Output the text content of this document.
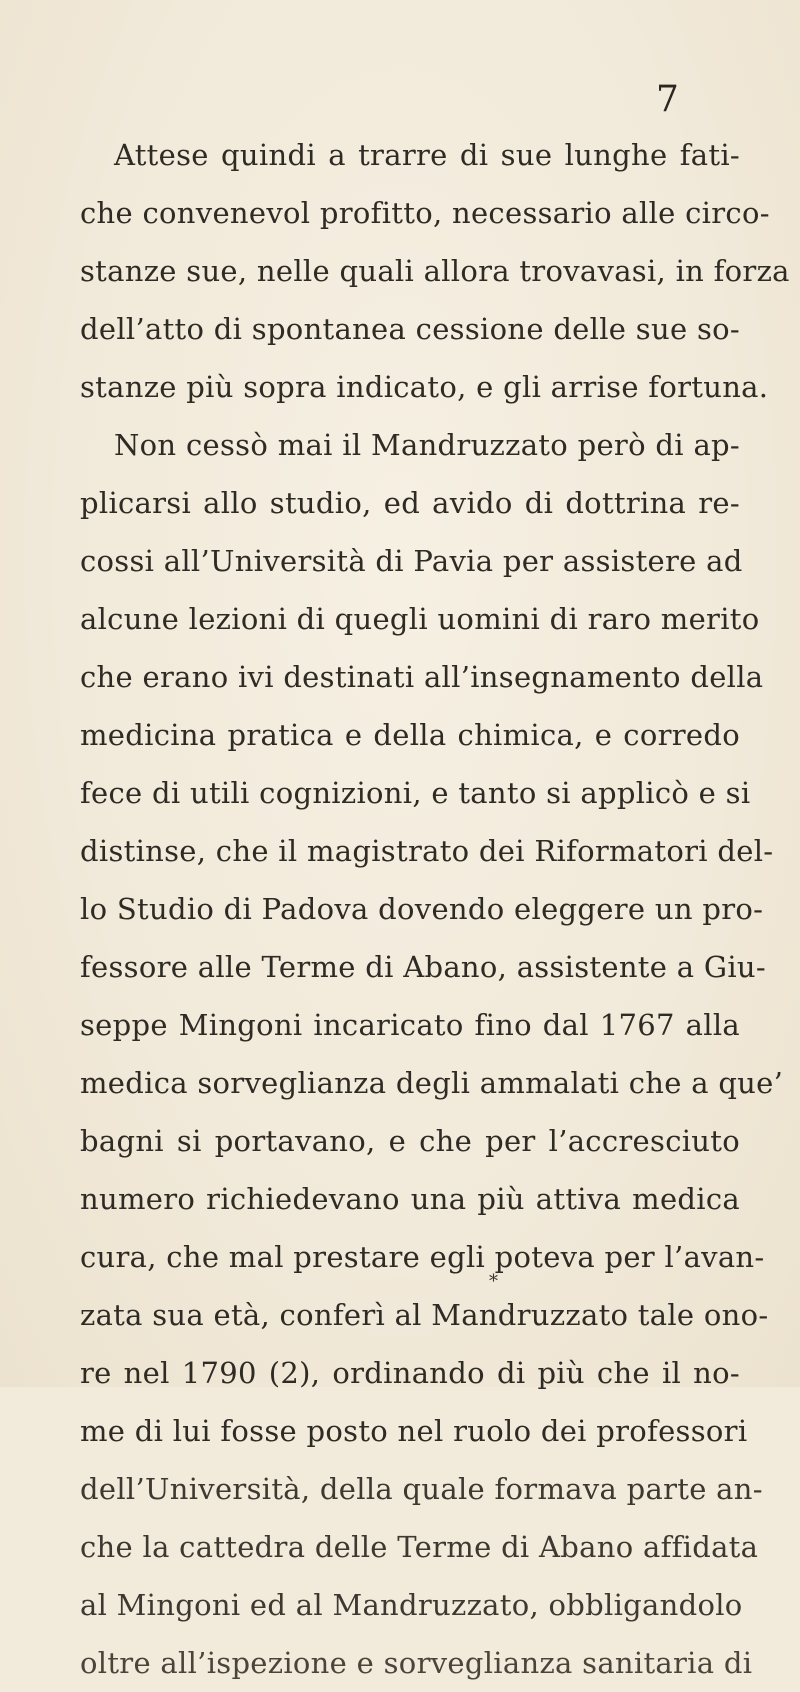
7
Attese quindi a trarre di sue lunghe fati-
che convenevol profitto, necessario alle circo-
stanze sue, nelle quali allora trovavasi, in forza
dell’atto di spontanea cessione delle sue so-
stanze più sopra indicato, e gli arrise fortuna.
Non cessò mai il Mandruzzato però di ap-
plicarsi allo studio, ed avido di dottrina re-
cossi all’Università di Pavia per assistere ad
alcune lezioni di quegli uomini di raro merito
che erano ivi destinati all’insegnamento della
medicina pratica e della chimica, e corredo
fece di utili cognizioni, e tanto si applicò e si
distinse, che il magistrato dei Riformatori del-
lo Studio di Padova dovendo eleggere un pro-
fessore alle Terme di Abano, assistente a Giu-
seppe Mingoni incaricato fino dal 1767 alla
medica sorveglianza degli ammalati che a que’
bagni si portavano, e che per l’accresciuto
numero richiedevano una più attiva medica
cura, che mal prestare egli poteva per l’avan-
zata sua età, conferì al Mandruzzato tale ono-
re nel 1790 (2), ordinando di più che il no-
me di lui fosse posto nel ruolo dei professori
dell’Università, della quale formava parte an-
che la cattedra delle Terme di Abano affidata
al Mingoni ed al Mandruzzato, obbligandolo
oltre all’ispezione e sorveglianza sanitaria di
*
